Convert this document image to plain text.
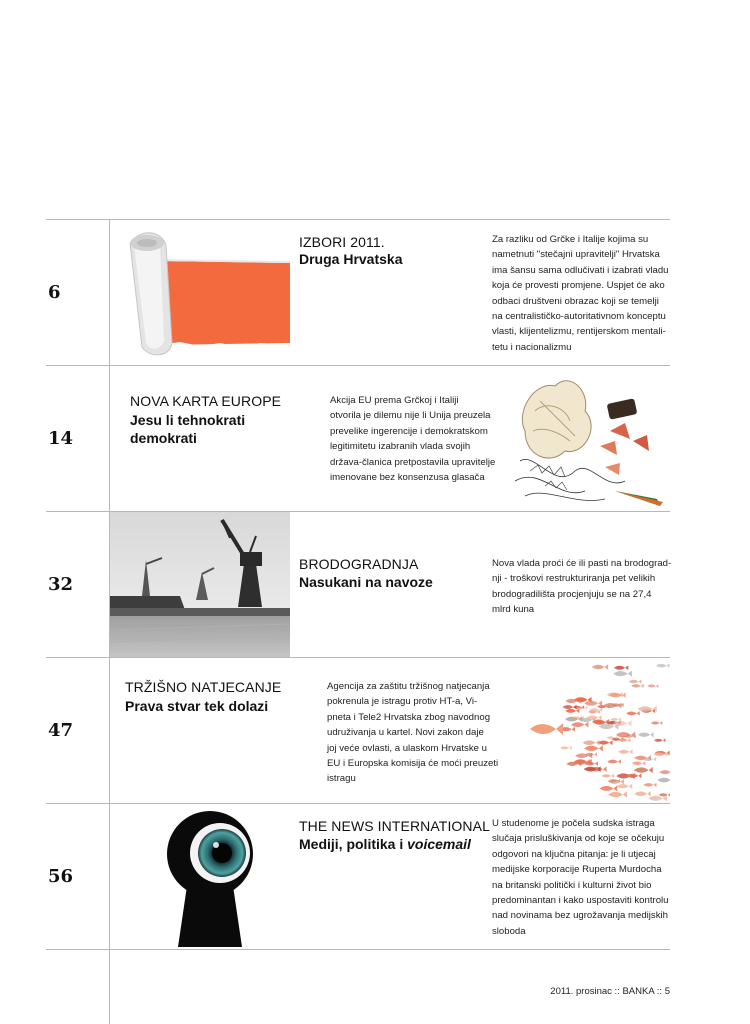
6
IZBORI 2011.
Druga Hrvatska
Za razliku od Grčke i Italije kojima su
nametnuti "stečajni upravitelji" Hrvatska
ima šansu sama odlučivati i izabrati vladu
koja će provesti promjene. Uspjet će ako
odbaci društveni obrazac koji se temelji
na centralističko-autoritativnom konceptu
vlasti, klijentelizmu, rentijerskom mentali-
tetu i nacionalizmu
14
NOVA KARTA EUROPE
Jesu li tehnokrati
demokrati
Akcija EU prema Grčkoj i Italiji
otvorila je dilemu nije li Unija preuzela
prevelike ingerencije i demokratskom
legitimitetu izabranih vlada svojih
država-članica pretpostavila upravitelje
imenovane bez konsenzusa glasača
32
BRODOGRADNJA
Nasukani na navoze
Nova vlada proći će ili pasti na brodograd-
nji - troškovi restrukturiranja pet velikih
brodogradilišta procjenjuju se na 27,4
mlrd kuna
47
TRŽIŠNO NATJECANJE
Prava stvar tek dolazi
Agencija za zaštitu tržišnog natjecanja
pokrenula je istragu protiv HT-a, Vi-
pneta i Tele2 Hrvatska zbog navodnog
udruživanja u kartel. Novi zakon daje
joj veće ovlasti, a ulaskom Hrvatske u
EU i Europska komisija će moći preuzeti
istragu
56
THE NEWS INTERNATIONAL
Mediji, politika i voicemail
U studenome je počela sudska istraga
slučaja prisluškivanja od koje se očekuju
odgovori na ključna pitanja: je li utjecaj
medijske korporacije Ruperta Murdocha
na britanski politički i kulturni život bio
predominantan i kako uspostaviti kontrolu
nad novinama bez ugrožavanja medijskih
sloboda
2011. prosinac :: BANKA :: 5
